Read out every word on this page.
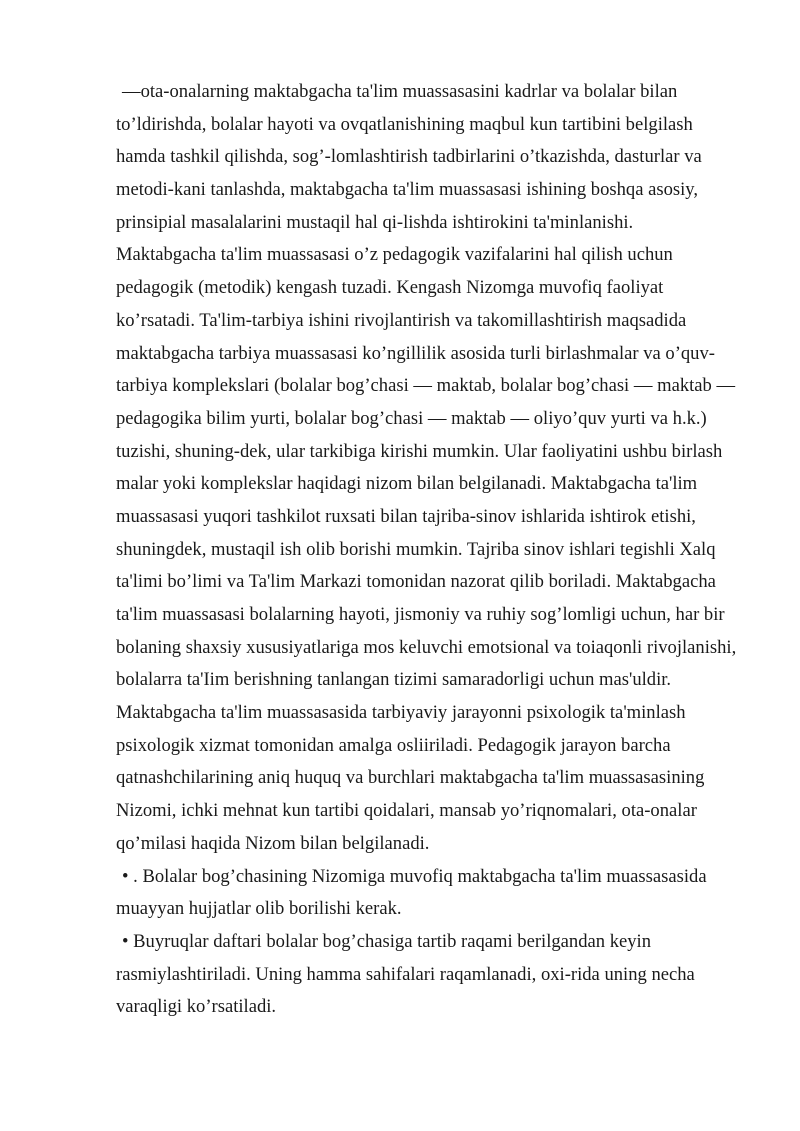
—ota-onalarning maktabgacha ta'lim muassasasini kadrlar va bolalar bilan
to’ldirishda, bolalar hayoti va ovqatlanishining maqbul kun tartibini belgilash
hamda tashkil qilishda, sog’-lomlashtirish tadbirlarini o’tkazishda, dasturlar va
metodi-kani tanlashda, maktabgacha ta'lim muassasasi ishining boshqa asosiy,
prinsipial masalalarini mustaqil hal qi-lishda ishtirokini ta'minlanishi.
Maktabgacha ta'lim muassasasi o’z pedagogik vazifalarini hal qilish uchun
pedagogik (metodik) kengash tuzadi. Kengash Nizomga muvofiq faoliyat
ko’rsatadi. Ta'lim-tarbiya ishini rivojlantirish va takomillashtirish maqsadida
maktabgacha tarbiya muassasasi ko’ngillilik asosida turli birlashmalar va o’quv-
tarbiya komplekslari (bolalar bog’chasi — maktab, bolalar bog’chasi — maktab —
pedagogika bilim yurti, bolalar bog’chasi — maktab — oliyo’quv yurti va h.k.)
tuzishi, shuning-dek, ular tarkibiga kirishi mumkin. Ular faoliyatini ushbu birlash
malar yoki komplekslar haqidagi nizom bilan belgilanadi. Maktabgacha ta'lim
muassasasi yuqori tashkilot ruxsati bilan tajriba-sinov ishlarida ishtirok etishi,
shuningdek, mustaqil ish olib borishi mumkin. Tajriba sinov ishlari tegishli Xalq
ta'limi bo’limi va Ta'lim Markazi tomonidan nazorat qilib boriladi. Maktabgacha
ta'lim muassasasi bolalarning hayoti, jismoniy va ruhiy sog’lomligi uchun, har bir
bolaning shaxsiy xususiyatlariga mos keluvchi emotsional va toiaqonli rivojlanishi,
bolalarra ta'Iim berishning tanlangan tizimi samaradorligi uchun mas'uldir.
Maktabgacha ta'lim muassasasida tarbiyaviy jarayonni psixologik ta'minlash
psixologik xizmat tomonidan amalga osliiriladi. Pedagogik jarayon barcha
qatnashchilarining aniq huquq va burchlari maktabgacha ta'lim muassasasining
Nizomi, ichki mehnat kun tartibi qoidalari, mansab yo’riqnomalari, ota-onalar
qo’milasi haqida Nizom bilan belgilanadi.
• . Bolalar bog’chasining Nizomiga muvofiq maktabgacha ta'lim muassasasida
muayyan hujjatlar olib borilishi kerak.
• Buyruqlar daftari bolalar bog’chasiga tartib raqami berilgandan keyin
rasmiylashtiriladi. Uning hamma sahifalari raqamlanadi, oxi-rida uning necha
varaqligi ko’rsatiladi.
